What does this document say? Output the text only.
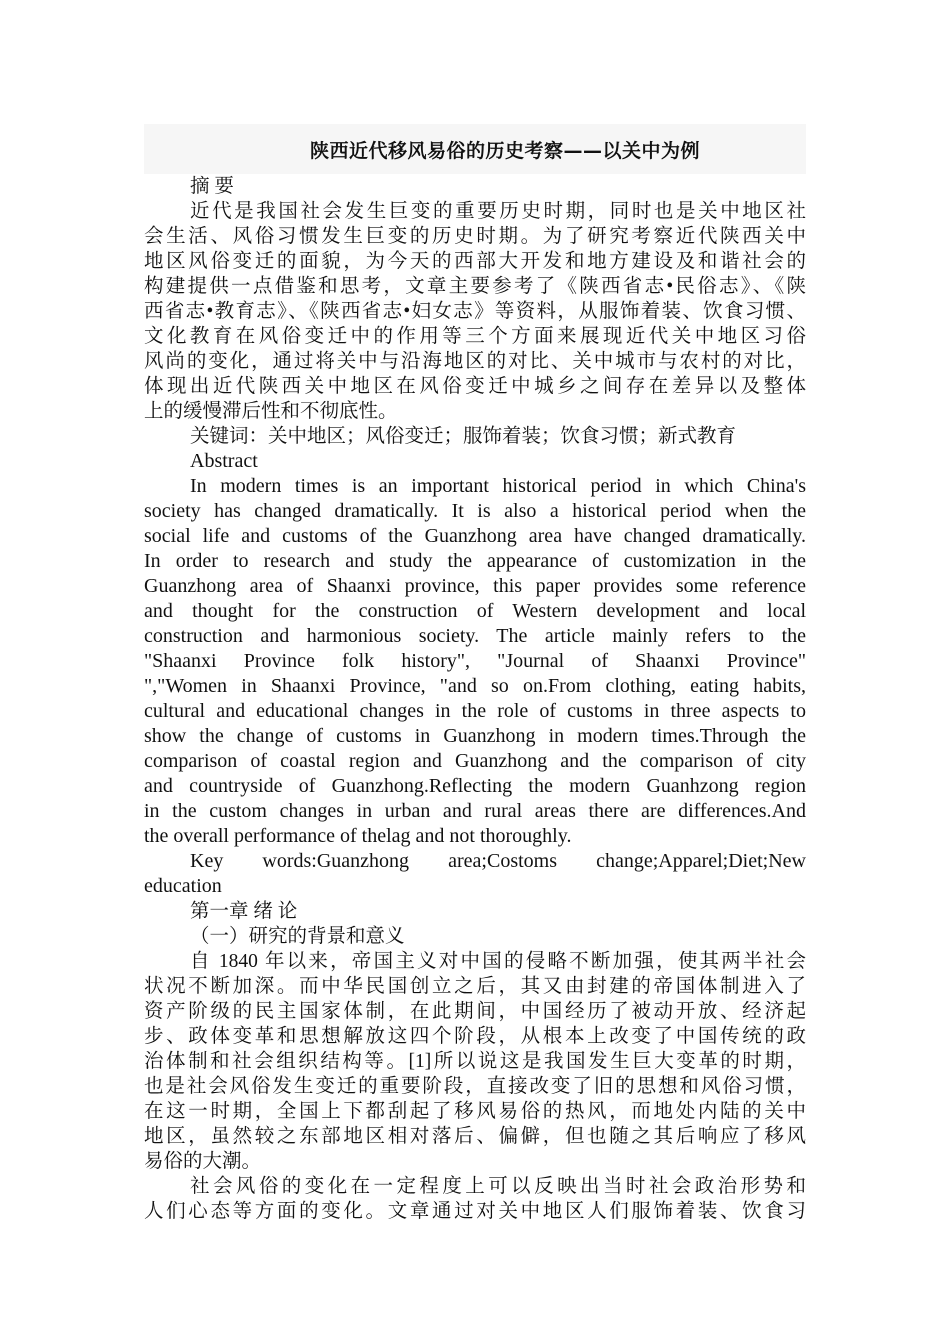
陕西近代移风易俗的历史考察——以关中为例
摘 要
近代是我国社会发生巨变的重要历史时期，同时也是关中地区社
会生活、风俗习惯发生巨变的历史时期。为了研究考察近代陕西关中
地区风俗变迁的面貌，为今天的西部大开发和地方建设及和谐社会的
构建提供一点借鉴和思考，文章主要参考了《陕西省志•民俗志》、《陕
西省志•教育志》、《陕西省志•妇女志》等资料，从服饰着装、饮食习惯、
文化教育在风俗变迁中的作用等三个方面来展现近代关中地区习俗
风尚的变化，通过将关中与沿海地区的对比、关中城市与农村的对比，
体现出近代陕西关中地区在风俗变迁中城乡之间存在差异以及整体
上的缓慢滞后性和不彻底性。
关键词：关中地区；风俗变迁；服饰着装；饮食习惯；新式教育
Abstract
In modern times is an important historical period in which China's
society has changed dramatically. It is also a historical period when the
social life and customs of the Guanzhong area have changed dramatically.
In order to research and study the appearance of customization in the
Guanzhong area of Shaanxi province, this paper provides some reference
and thought for the construction of Western development and local
construction and harmonious society. The article mainly refers to the
"Shaanxi Province folk history", "Journal of Shaanxi Province"
","Women in Shaanxi Province, "and so on.From clothing, eating habits,
cultural and educational changes in the role of customs in three aspects to
show the change of customs in Guanzhong in modern times.Through the
comparison of coastal region and Guanzhong and the comparison of city
and countryside of Guanzhong.Reflecting the modern Guanhzong region
in the custom changes in urban and rural areas there are differences.And
the overall performance of thelag and not thoroughly.
Key words:Guanzhong area;Costoms change;Apparel;Diet;New
education
第一章 绪 论
（一）研究的背景和意义
自 1840 年以来，帝国主义对中国的侵略不断加强，使其两半社会
状况不断加深。而中华民国创立之后，其又由封建的帝国体制进入了
资产阶级的民主国家体制，在此期间，中国经历了被动开放、经济起
步、政体变革和思想解放这四个阶段，从根本上改变了中国传统的政
治体制和社会组织结构等。[1]所以说这是我国发生巨大变革的时期，
也是社会风俗发生变迁的重要阶段，直接改变了旧的思想和风俗习惯，
在这一时期，全国上下都刮起了移风易俗的热风，而地处内陆的关中
地区，虽然较之东部地区相对落后、偏僻，但也随之其后响应了移风
易俗的大潮。
社会风俗的变化在一定程度上可以反映出当时社会政治形势和
人们心态等方面的变化。文章通过对关中地区人们服饰着装、饮食习
